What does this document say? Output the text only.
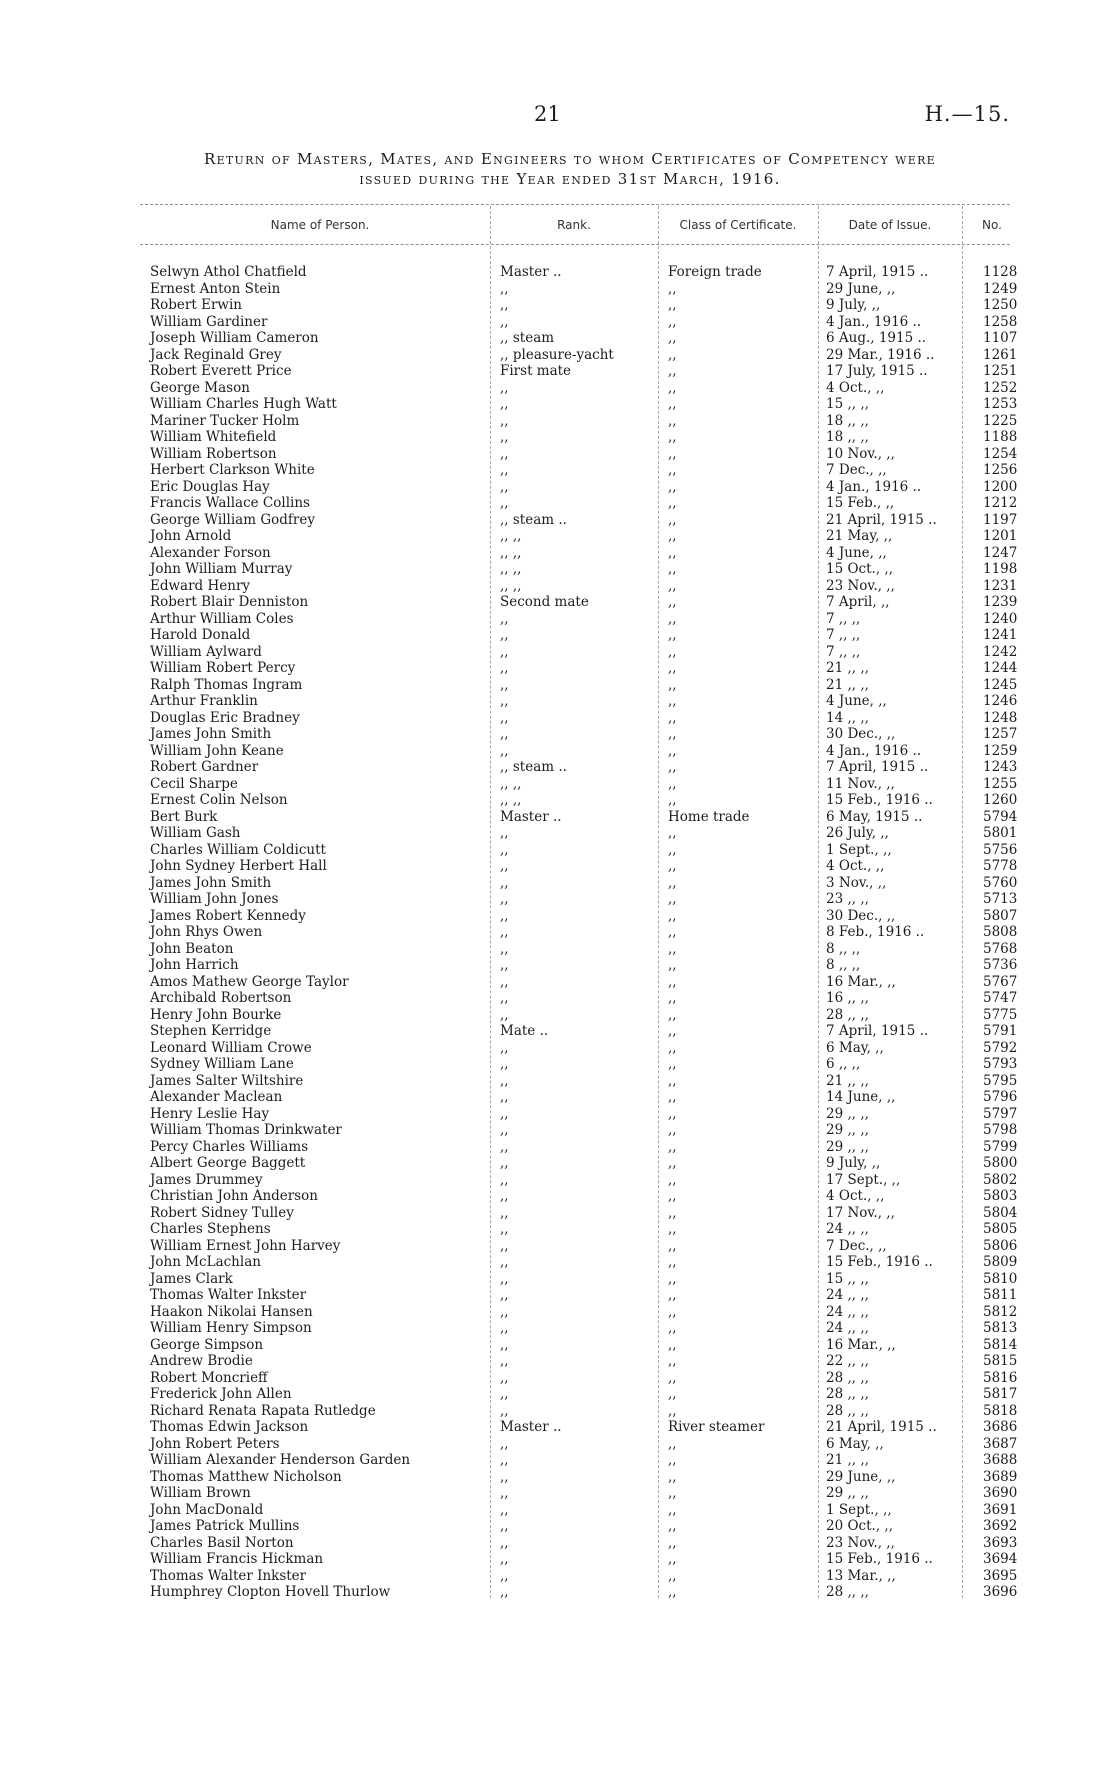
21	H.—15.
Return of Masters, Mates, and Engineers to whom Certificates of Competency were
issued during the Year ended 31st March, 1916.
Name of Person.	Rank.	Class of Certificate.	Date of Issue.	No.
Selwyn Athol Chatfield	Master ..	Foreign trade	7 April, 1915 ..	1128
Ernest Anton Stein	,,	,,	29 June, ,,	1249
Robert Erwin	,,	,,	9 July, ,,	1250
William Gardiner	,,	,,	4 Jan., 1916 ..	1258
Joseph William Cameron	,, steam	,,	6 Aug., 1915 ..	1107
Jack Reginald Grey	,, pleasure-yacht	,,	29 Mar., 1916 ..	1261
Robert Everett Price	First mate	,,	17 July, 1915 ..	1251
George Mason	,,	,,	4 Oct., ,,	1252
William Charles Hugh Watt	,,	,,	15 ,, ,,	1253
Mariner Tucker Holm	,,	,,	18 ,, ,,	1225
William Whitefield	,,	,,	18 ,, ,,	1188
William Robertson	,,	,,	10 Nov., ,,	1254
Herbert Clarkson White	,,	,,	7 Dec., ,,	1256
Eric Douglas Hay	,,	,,	4 Jan., 1916 ..	1200
Francis Wallace Collins	,,	,,	15 Feb., ,,	1212
George William Godfrey	,, steam ..	,,	21 April, 1915 ..	1197
John Arnold	,, ,,	,,	21 May, ,,	1201
Alexander Forson	,, ,,	,,	4 June, ,,	1247
John William Murray	,, ,,	,,	15 Oct., ,,	1198
Edward Henry	,, ,,	,,	23 Nov., ,,	1231
Robert Blair Denniston	Second mate	,,	7 April, ,,	1239
Arthur William Coles	,,	,,	7 ,, ,,	1240
Harold Donald	,,	,,	7 ,, ,,	1241
William Aylward	,,	,,	7 ,, ,,	1242
William Robert Percy	,,	,,	21 ,, ,,	1244
Ralph Thomas Ingram	,,	,,	21 ,, ,,	1245
Arthur Franklin	,,	,,	4 June, ,,	1246
Douglas Eric Bradney	,,	,,	14 ,, ,,	1248
James John Smith	,,	,,	30 Dec., ,,	1257
William John Keane	,,	,,	4 Jan., 1916 ..	1259
Robert Gardner	,, steam ..	,,	7 April, 1915 ..	1243
Cecil Sharpe	,, ,,	,,	11 Nov., ,,	1255
Ernest Colin Nelson	,, ,,	,,	15 Feb., 1916 ..	1260
Bert Burk	Master ..	Home trade	6 May, 1915 ..	5794
William Gash	,,	,,	26 July, ,,	5801
Charles William Coldicutt	,,	,,	1 Sept., ,,	5756
John Sydney Herbert Hall	,,	,,	4 Oct., ,,	5778
James John Smith	,,	,,	3 Nov., ,,	5760
William John Jones	,,	,,	23 ,, ,,	5713
James Robert Kennedy	,,	,,	30 Dec., ,,	5807
John Rhys Owen	,,	,,	8 Feb., 1916 ..	5808
John Beaton	,,	,,	8 ,, ,,	5768
John Harrich	,,	,,	8 ,, ,,	5736
Amos Mathew George Taylor	,,	,,	16 Mar., ,,	5767
Archibald Robertson	,,	,,	16 ,, ,,	5747
Henry John Bourke	,,	,,	28 ,, ,,	5775
Stephen Kerridge	Mate ..	,,	7 April, 1915 ..	5791
Leonard William Crowe	,,	,,	6 May, ,,	5792
Sydney William Lane	,,	,,	6 ,, ,,	5793
James Salter Wiltshire	,,	,,	21 ,, ,,	5795
Alexander Maclean	,,	,,	14 June, ,,	5796
Henry Leslie Hay	,,	,,	29 ,, ,,	5797
William Thomas Drinkwater	,,	,,	29 ,, ,,	5798
Percy Charles Williams	,,	,,	29 ,, ,,	5799
Albert George Baggett	,,	,,	9 July, ,,	5800
James Drummey	,,	,,	17 Sept., ,,	5802
Christian John Anderson	,,	,,	4 Oct., ,,	5803
Robert Sidney Tulley	,,	,,	17 Nov., ,,	5804
Charles Stephens	,,	,,	24 ,, ,,	5805
William Ernest John Harvey	,,	,,	7 Dec., ,,	5806
John McLachlan	,,	,,	15 Feb., 1916 ..	5809
James Clark	,,	,,	15 ,, ,,	5810
Thomas Walter Inkster	,,	,,	24 ,, ,,	5811
Haakon Nikolai Hansen	,,	,,	24 ,, ,,	5812
William Henry Simpson	,,	,,	24 ,, ,,	5813
George Simpson	,,	,,	16 Mar., ,,	5814
Andrew Brodie	,,	,,	22 ,, ,,	5815
Robert Moncrieff	,,	,,	28 ,, ,,	5816
Frederick John Allen	,,	,,	28 ,, ,,	5817
Richard Renata Rapata Rutledge	,,	,,	28 ,, ,,	5818
Thomas Edwin Jackson	Master ..	River steamer	21 April, 1915 ..	3686
John Robert Peters	,,	,,	6 May, ,,	3687
William Alexander Henderson Garden	,,	,,	21 ,, ,,	3688
Thomas Matthew Nicholson	,,	,,	29 June, ,,	3689
William Brown	,,	,,	29 ,, ,,	3690
John MacDonald	,,	,,	1 Sept., ,,	3691
James Patrick Mullins	,,	,,	20 Oct., ,,	3692
Charles Basil Norton	,,	,,	23 Nov., ,,	3693
William Francis Hickman	,,	,,	15 Feb., 1916 ..	3694
Thomas Walter Inkster	,,	,,	13 Mar., ,,	3695
Humphrey Clopton Hovell Thurlow	,,	,,	28 ,, ,,	3696
